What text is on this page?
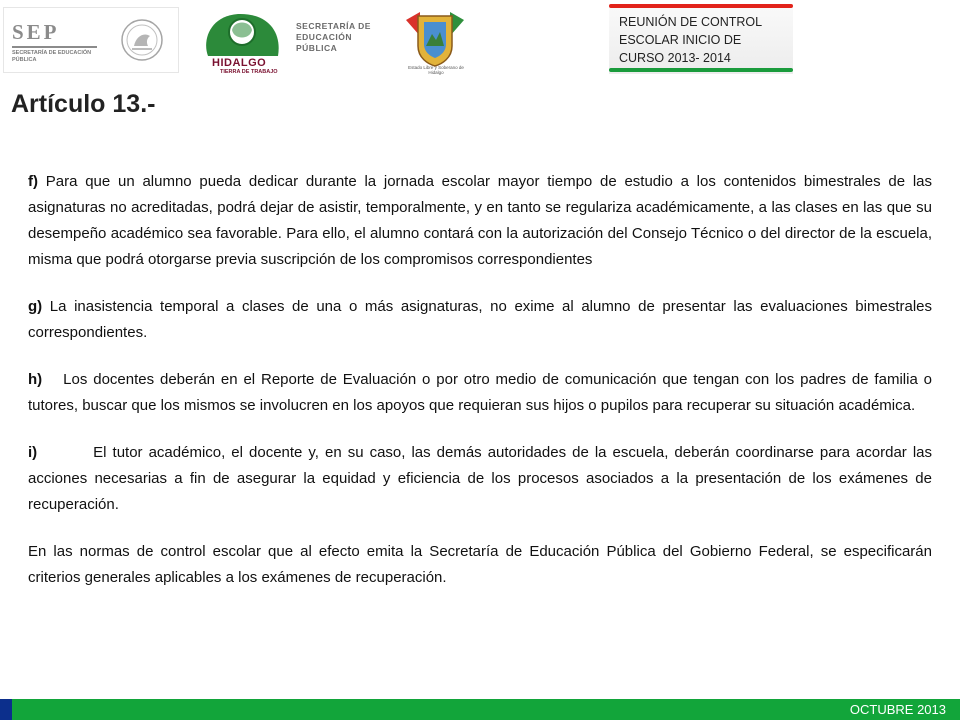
SEP
SECRETARÍA DE EDUCACIÓN PÚBLICA	HIDALGO
TIERRA DE TRABAJO
SECRETARÍA DE
EDUCACIÓN
PÚBLICA
Estado Libre y Soberano de Hidalgo
REUNIÓN DE CONTROL
ESCOLAR INICIO DE
CURSO 2013- 2014
Artículo 13.-

f) Para que un alumno pueda dedicar durante la jornada escolar mayor tiempo de estudio a los contenidos bimestrales de las asignaturas no acreditadas, podrá dejar de asistir, temporalmente, y en tanto se regulariza académicamente, a las clases en las que su desempeño académico sea favorable. Para ello, el alumno contará con la autorización del Consejo Técnico o del director de la escuela, misma que podrá otorgarse previa suscripción de los compromisos correspondientes

g) La inasistencia temporal a clases de una o más asignaturas, no exime al alumno de presentar las evaluaciones bimestrales correspondientes.

h) Los docentes deberán en el Reporte de Evaluación o por otro medio de comunicación que tengan con los padres de familia o tutores, buscar que los mismos se involucren en los apoyos que requieran sus hijos o pupilos para recuperar su situación académica.

i)	El tutor académico, el docente y, en su caso, las demás autoridades de la escuela, deberán coordinarse para acordar las acciones necesarias a fin de asegurar la equidad y eficiencia de los procesos asociados a la presentación de los exámenes de recuperación.

En las normas de control escolar que al efecto emita la Secretaría de Educación Pública del Gobierno Federal, se especificarán criterios generales aplicables a los exámenes de recuperación.

OCTUBRE 2013
